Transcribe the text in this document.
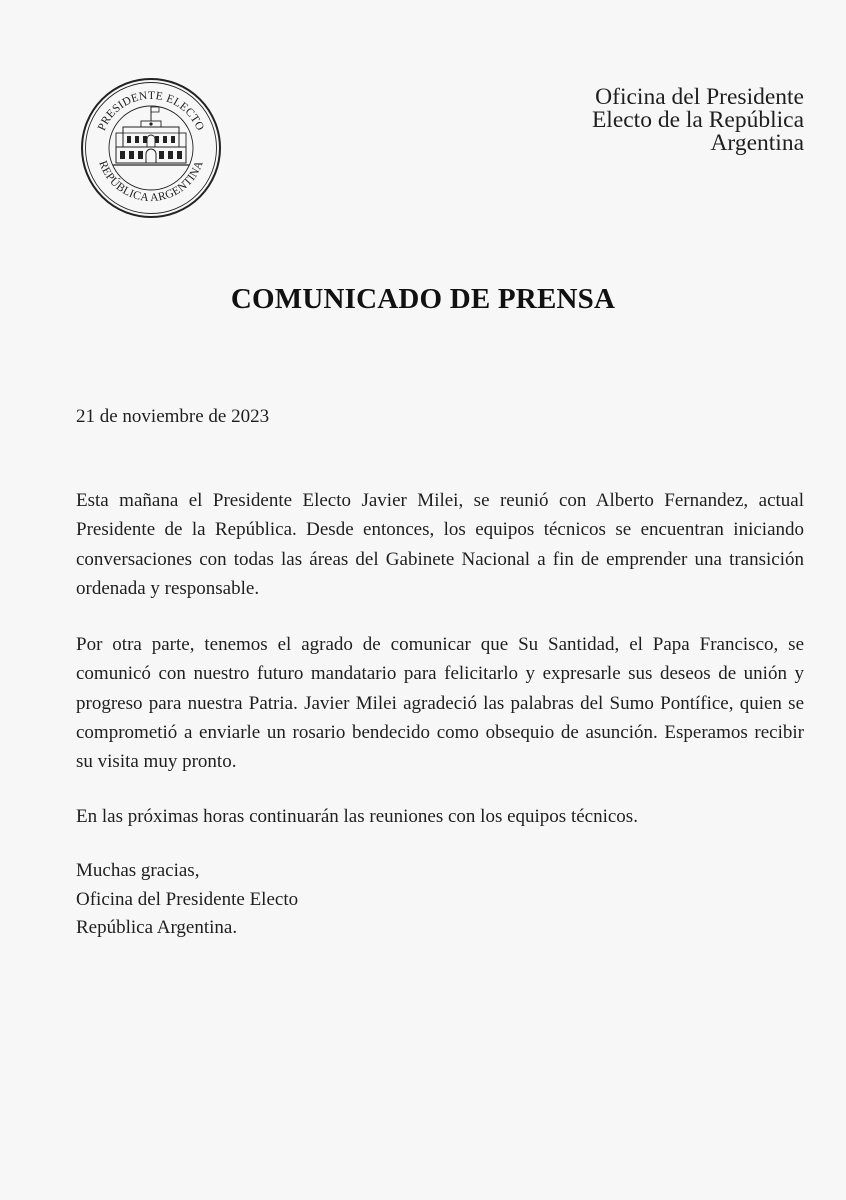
PRESIDENTE ELECTO
REPÚBLICA ARGENTINA
Oficina del Presidente
Electo de la República
Argentina
COMUNICADO DE PRENSA
21 de noviembre de 2023

Esta mañana el Presidente Electo Javier Milei, se reunió con Alberto Fernandez, actual Presidente de la República. Desde entonces, los equipos técnicos se encuentran iniciando conversaciones con todas las áreas del Gabinete Nacional a fin de emprender una transición ordenada y responsable.

Por otra parte, tenemos el agrado de comunicar que Su Santidad, el Papa Francisco, se comunicó con nuestro futuro mandatario para felicitarlo y expresarle sus deseos de unión y progreso para nuestra Patria. Javier Milei agradeció las palabras del Sumo Pontífice, quien se comprometió a enviarle un rosario bendecido como obsequio de asunción. Esperamos recibir su visita muy pronto.

En las próximas horas continuarán las reuniones con los equipos técnicos.

Muchas gracias,
Oficina del Presidente Electo
República Argentina.
